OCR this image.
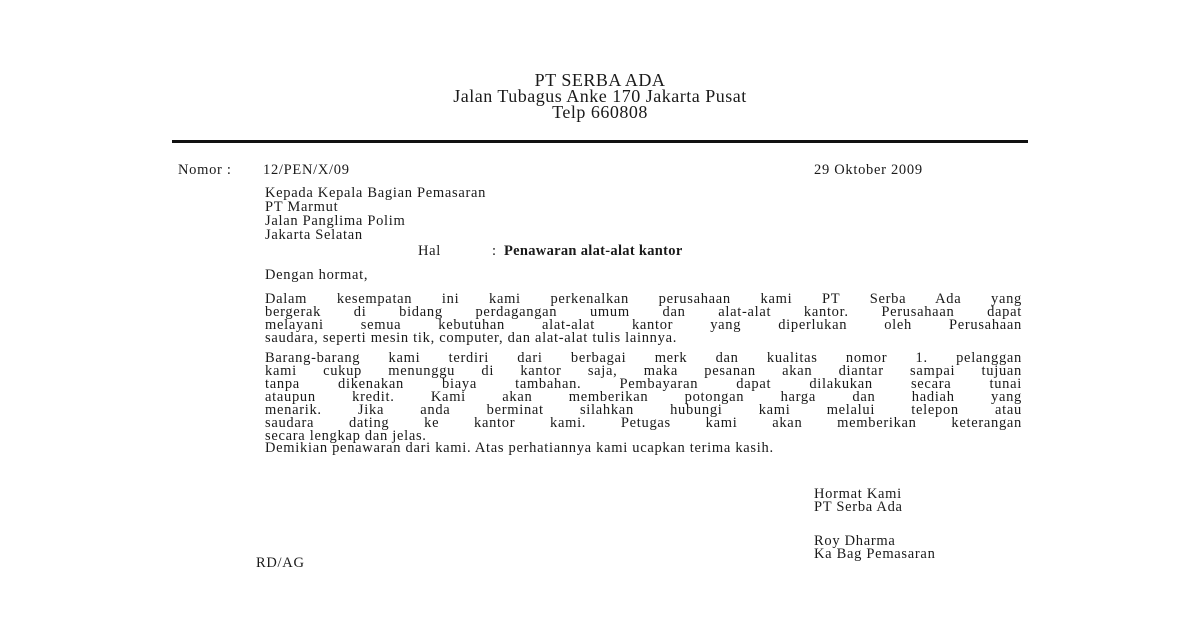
PT SERBA ADA
Jalan Tubagus Anke 170 Jakarta Pusat
Telp 660808
Nomor : 12/PEN/X/09	29 Oktober 2009
Kepada Kepala Bagian Pemasaran
PT Marmut
Jalan Panglima Polim
Jakarta Selatan
Hal	: Penawaran alat-alat kantor
Dengan hormat,
Dalam kesempatan ini kami perkenalkan perusahaan kami PT Serba Ada yang
bergerak di bidang perdagangan umum dan alat-alat kantor. Perusahaan dapat
melayani semua kebutuhan alat-alat kantor yang diperlukan oleh Perusahaan
saudara, seperti mesin tik, computer, dan alat-alat tulis lainnya.
Barang-barang kami terdiri dari berbagai merk dan kualitas nomor 1. pelanggan
kami cukup menunggu di kantor saja, maka pesanan akan diantar sampai tujuan
tanpa dikenakan biaya tambahan. Pembayaran dapat dilakukan secara tunai
ataupun kredit. Kami akan memberikan potongan harga dan hadiah yang
menarik. Jika anda berminat silahkan hubungi kami melalui telepon atau
saudara dating ke kantor kami. Petugas kami akan memberikan keterangan
secara lengkap dan jelas.
Demikian penawaran dari kami. Atas perhatiannya kami ucapkan terima kasih.
Hormat Kami
PT Serba Ada
Roy Dharma
Ka Bag Pemasaran
RD/AG
